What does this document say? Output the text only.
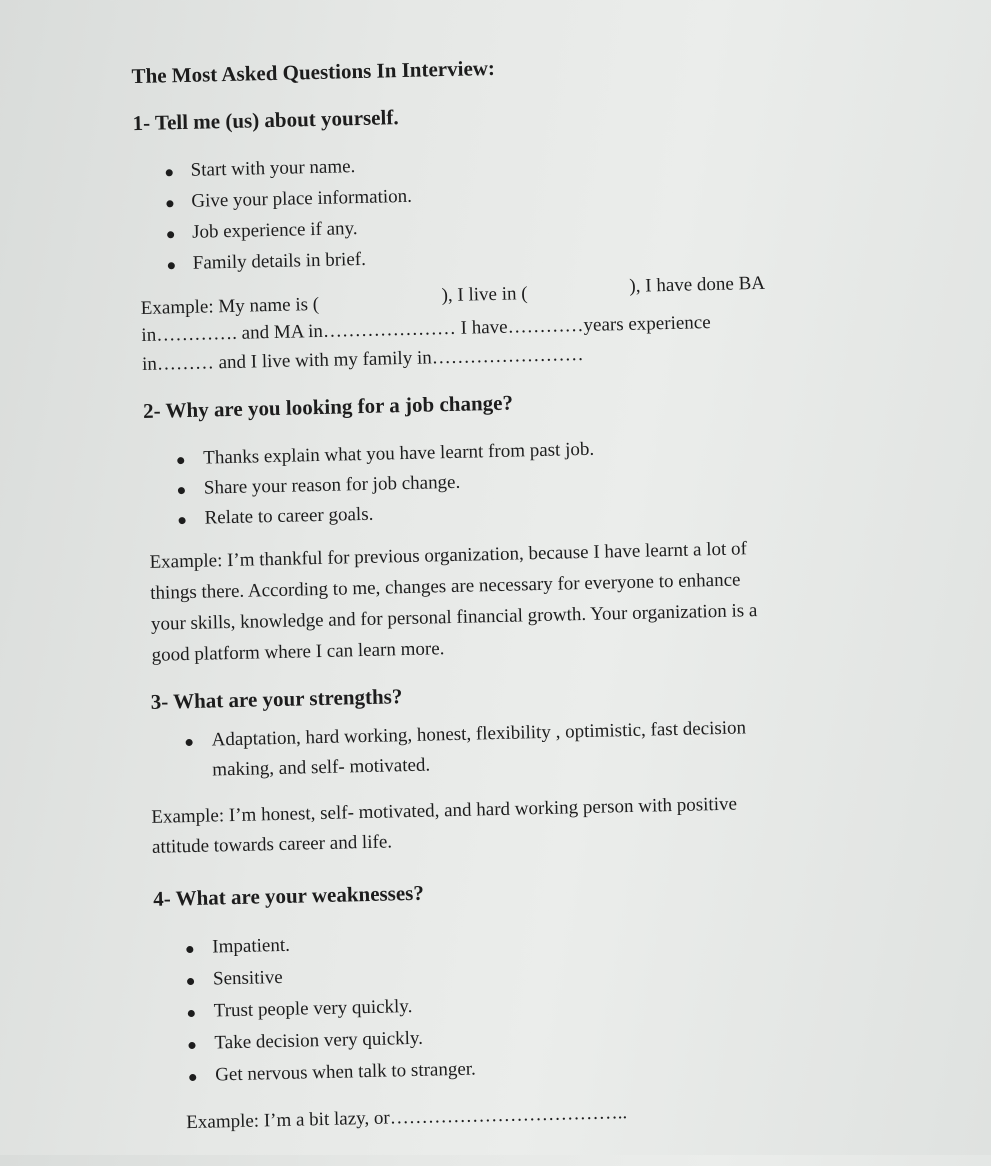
The Most Asked Questions In Interview:
1- Tell me (us) about yourself.
Start with your name.
Give your place information.
Job experience if any.
Family details in brief.
Example: My name is (	), I live in (	), I have done BA
in…………. and MA in………………… I have…………years experience
in……… and I live with my family in……………………
2- Why are you looking for a job change?
Thanks explain what you have learnt from past job.
Share your reason for job change.
Relate to career goals.
Example: I’m thankful for previous organization, because I have learnt a lot of
things there. According to me, changes are necessary for everyone to enhance
your skills, knowledge and for personal financial growth. Your organization is a
good platform where I can learn more.
3- What are your strengths?
Adaptation, hard working, honest, flexibility , optimistic, fast decision
making, and self- motivated.
Example: I’m honest, self- motivated, and hard working person with positive
attitude towards career and life.
4- What are your weaknesses?
Impatient.
Sensitive
Trust people very quickly.
Take decision very quickly.
Get nervous when talk to stranger.
Example: I’m a bit lazy, or………………………………..
